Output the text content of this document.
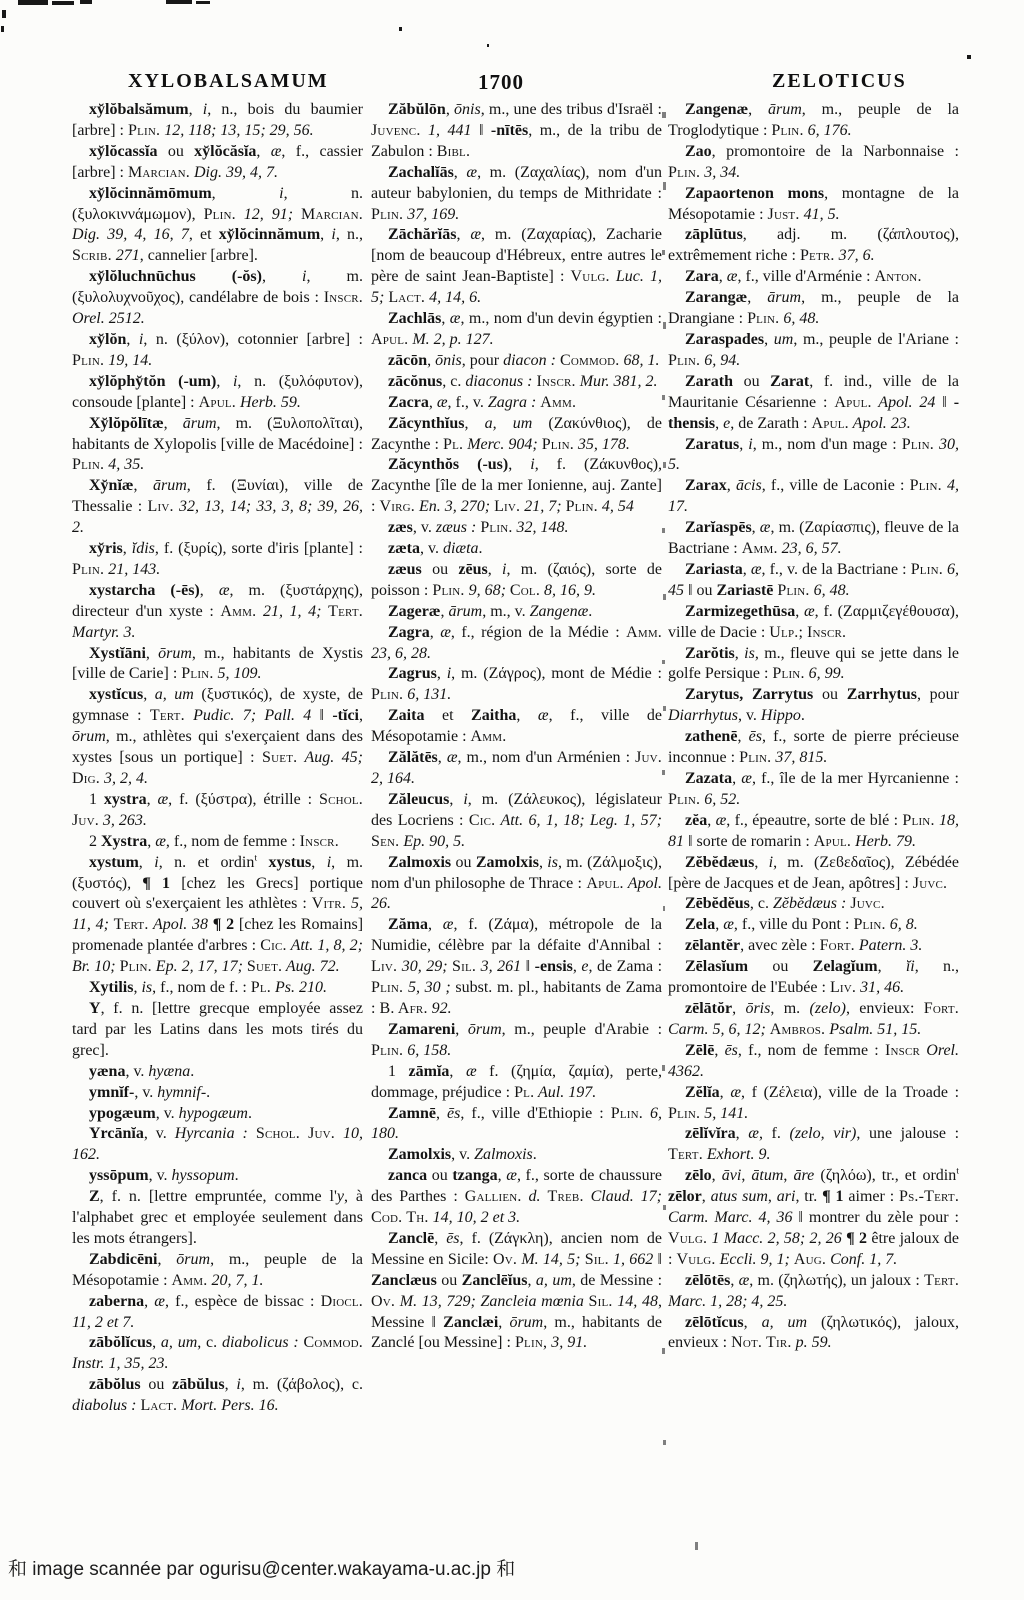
XYLOBALSAMUM	1700	ZELOTICUS

xy̆lŏbalsămum, i, n., bois du baumier [arbre] : Plin. 12, 118; 13, 15; 29, 56.

xy̆lŏcassĭa ou xy̆lŏcăsĭa, æ, f., cassier [arbre] : Marcian. Dig. 39, 4, 7.

xy̆lŏcinnămōmum, i, n. (ξυλοκιννάμωμον), Plin. 12, 91; Marcian. Dig. 39, 4, 16, 7, et xy̆lŏcinnămum, i, n., Scrib. 271, cannelier [arbre].

xy̆lŏluchnūchus (-ŏs), i, m. (ξυλολυχνοῦχος), candélabre de bois : Inscr. Orel. 2512.

xy̆lŏn, i, n. (ξύλον), cotonnier [arbre] : Plin. 19, 14.

xy̆lŏphy̆tŏn (-um), i, n. (ξυλόφυτον), consoude [plante] : Apul. Herb. 59.

Xy̆lŏpŏlītæ, ārum, m. (Ξυλοπολῖται), habitants de Xylopolis [ville de Macédoine] : Plin. 4, 35.

Xy̆nĭæ, ārum, f. (Ξυνίαι), ville de Thessalie : Liv. 32, 13, 14; 33, 3, 8; 39, 26, 2.

xy̆ris, ĭdis, f. (ξυρίς), sorte d'iris [plante] : Plin. 21, 143.

xystarcha (-ēs), æ, m. (ξυστάρχης), directeur d'un xyste : Amm. 21, 1, 4; Tert. Martyr. 3.

Xystĭāni, ōrum, m., habitants de Xystis [ville de Carie] : Plin. 5, 109.

xystĭcus, a, um (ξυστικός), de xyste, de gymnase : Tert. Pudic. 7; Pall. 4 ‖ -tĭci, ōrum, m., athlètes qui s'exerçaient dans des xystes [sous un portique] : Suet. Aug. 45; Dig. 3, 2, 4.

1 xystra, æ, f. (ξύστρα), étrille : Schol. Juv. 3, 263.

2 Xystra, æ, f., nom de femme : Inscr.

xystum, i, n. et ordin$^t$ xystus, i, m. (ξυστός), ¶ 1 [chez les Grecs] portique couvert où s'exerçaient les athlètes : Vitr. 5, 11, 4; Tert. Apol. 38 ¶ 2 [chez les Romains] promenade plantée d'arbres : Cic. Att. 1, 8, 2; Br. 10; Plin. Ep. 2, 17, 17; Suet. Aug. 72.

Xytilis, is, f., nom de f. : Pl. Ps. 210.

Y, f. n. [lettre grecque employée assez tard par les Latins dans les mots tirés du grec].

yæna, v. hyæna.

ymnĭf-, v. hymnif-.

ypogæum, v. hypogæum.

Yrcānĭa, v. Hyrcania : Schol. Juv. 10, 162.

yssōpum, v. hyssopum.

Z, f. n. [lettre empruntée, comme l'y, à l'alphabet grec et employée seulement dans les mots étrangers].

Zabdicēni, ōrum, m., peuple de la Mésopotamie : Amm. 20, 7, 1.

zaberna, æ, f., espèce de bissac : Diocl. 11, 2 et 7.

zābŏlĭcus, a, um, c. diabolicus : Commod. Instr. 1, 35, 23.

zābŏlus ou zābŭlus, i, m. (ζάβολος), c. diabolus : Lact. Mort. Pers. 16.

Zăbŭlōn, ōnis, m., une des tribus d'Israël : Juvenc. 1, 441 ‖ -nītēs, m., de la tribu de Zabulon : Bibl.

Zachalĭās, æ, m. (Ζαχαλίας), nom d'un auteur babylonien, du temps de Mithridate : Plin. 37, 169.

Zāchărĭās, æ, m. (Ζαχαρίας), Zacharie [nom de beaucoup d'Hébreux, entre autres le père de saint Jean-Baptiste] : Vulg. Luc. 1, 5; Lact. 4, 14, 6.

Zachlās, æ, m., nom d'un devin égyptien : Apul. M. 2, p. 127.

zācōn, ōnis, pour diacon : Commod. 68, 1.

zācŏnus, c. diaconus : Inscr. Mur. 381, 2.

Zacra, æ, f., v. Zagra : Amm.

Zăcynthĭus, a, um (Ζακύνθιος), de Zacynthe : Pl. Merc. 904; Plin. 35, 178.

Zăcynthŏs (-us), i, f. (Ζάκυνθος), Zacynthe [île de la mer Ionienne, auj. Zante] : Virg. En. 3, 270; Liv. 21, 7; Plin. 4, 54

zæs, v. zæus : Plin. 32, 148.

zæta, v. diæta.

zæus ou zēus, i, m. (ζαιός), sorte de poisson : Plin. 9, 68; Col. 8, 16, 9.

Zageræ, ārum, m., v. Zangenæ.

Zagra, æ, f., région de la Médie : Amm. 23, 6, 28.

Zagrus, i, m. (Ζάγρος), mont de Médie : Plin. 6, 131.

Zaita et Zaitha, æ, f., ville de Mésopotamie : Amm.

Zălătēs, æ, m., nom d'un Arménien : Juv. 2, 164.

Zăleucus, i, m. (Ζάλευκος), législateur des Locriens : Cic. Att. 6, 1, 18; Leg. 1, 57; Sen. Ep. 90, 5.

Zalmoxis ou Zamolxis, is, m. (Ζάλμοξις), nom d'un philosophe de Thrace : Apul. Apol. 26.

Zăma, æ, f. (Ζάμα), métropole de la Numidie, célèbre par la défaite d'Annibal : Liv. 30, 29; Sil. 3, 261 ‖ -ensis, e, de Zama : Plin. 5, 30 ; subst. m. pl., habitants de Zama : B. Afr. 92.

Zamareni, ōrum, m., peuple d'Arabie : Plin. 6, 158.

1 zāmĭa, æ f. (ζημία, ζαμία), perte, dommage, préjudice : Pl. Aul. 197.

Zamnē, ēs, f., ville d'Ethiopie : Plin. 6, 180.

Zamolxis, v. Zalmoxis.

zanca ou tzanga, æ, f., sorte de chaussure des Parthes : Gallien. d. Treb. Claud. 17; Cod. Th. 14, 10, 2 et 3.

Zanclē, ēs, f. (Ζάγκλη), ancien nom de Messine en Sicile: Ov. M. 14, 5; Sil. 1, 662 ‖ Zanclæus ou Zanclēĭus, a, um, de Messine : Ov. M. 13, 729; Zancleia mœnia Sil. 14, 48, Messine ‖ Zanclæi, ōrum, m., habitants de Zanclé [ou Messine] : Plin, 3, 91.

Zangenæ, ārum, m., peuple de la Troglodytique : Plin. 6, 176.

Zao, promontoire de la Narbonnaise : Plin. 3, 34.

Zapaortenon mons, montagne de la Mésopotamie : Just. 41, 5.

zāplūtus, adj. m. (ζάπλουτος), extrêmement riche : Petr. 37, 6.

Zara, æ, f., ville d'Arménie : Anton.

Zarangæ, ārum, m., peuple de la Drangiane : Plin. 6, 48.

Zaraspades, um, m., peuple de l'Ariane : Plin. 6, 94.

Zarath ou Zarat, f. ind., ville de la Mauritanie Césarienne : Apul. Apol. 24 ‖ -thensis, e, de Zarath : Apul. Apol. 23.

Zaratus, i, m., nom d'un mage : Plin. 30, 5.

Zarax, ācis, f., ville de Laconie : Plin. 4, 17.

Zarĭaspēs, æ, m. (Ζαρίασπις), fleuve de la Bactriane : Amm. 23, 6, 57.

Zariasta, æ, f., v. de la Bactriane : Plin. 6, 45 ‖ ou Zariastē Plin. 6, 48.

Zarmizegethūsa, æ, f. (Ζαρμιζεγέθουσα), ville de Dacie : Ulp.; Inscr.

Zarŏtis, is, m., fleuve qui se jette dans le golfe Persique : Plin. 6, 99.

Zarytus, Zarrytus ou Zarrhytus, pour Diarrhytus, v. Hippo.

zathenē, ēs, f., sorte de pierre précieuse inconnue : Plin. 37, 815.

Zazata, æ, f., île de la mer Hyrcanienne : Plin. 6, 52.

zĕa, æ, f., épeautre, sorte de blé : Plin. 18, 81 ‖ sorte de romarin : Apul. Herb. 79.

Zĕbĕdæus, i, m. (Ζεϐεδαῖος), Zébédée [père de Jacques et de Jean, apôtres] : Juvc.

Zēbĕdĕus, c. Zĕbĕdæus : Juvc.

Zela, æ, f., ville du Pont : Plin. 6, 8.

zēlantĕr, avec zèle : Fort. Patern. 3.

Zēlasĭum ou Zelagĭum, ĭi, n., promontoire de l'Eubée : Liv. 31, 46.

zēlātŏr, ōris, m. (zelo), envieux: Fort. Carm. 5, 6, 12; Ambros. Psalm. 51, 15.

Zēlē, ēs, f., nom de femme : Inscr Orel. 4362.

Zĕlĭa, æ, f (Ζέλεια), ville de la Troade : Plin. 5, 141.

zēlĭvĭra, æ, f. (zelo, vir), une jalouse : Tert. Exhort. 9.

zēlo, āvi, ātum, āre (ζηλόω), tr., et ordin$^t$ zēlor, atus sum, ari, tr. ¶ 1 aimer : Ps.-Tert. Carm. Marc. 4, 36 ‖ montrer du zèle pour : Vulg. 1 Macc. 2, 58; 2, 26 ¶ 2 être jaloux de : Vulg. Eccli. 9, 1; Aug. Conf. 1, 7.

zēlōtēs, æ, m. (ζηλωτής), un jaloux : Tert. Marc. 1, 28; 4, 25.

zēlōtĭcus, a, um (ζηλωτικός), jaloux, envieux : Not. Tir. p. 59.

和 image scannée par ogurisu@center.wakayama-u.ac.jp 和
